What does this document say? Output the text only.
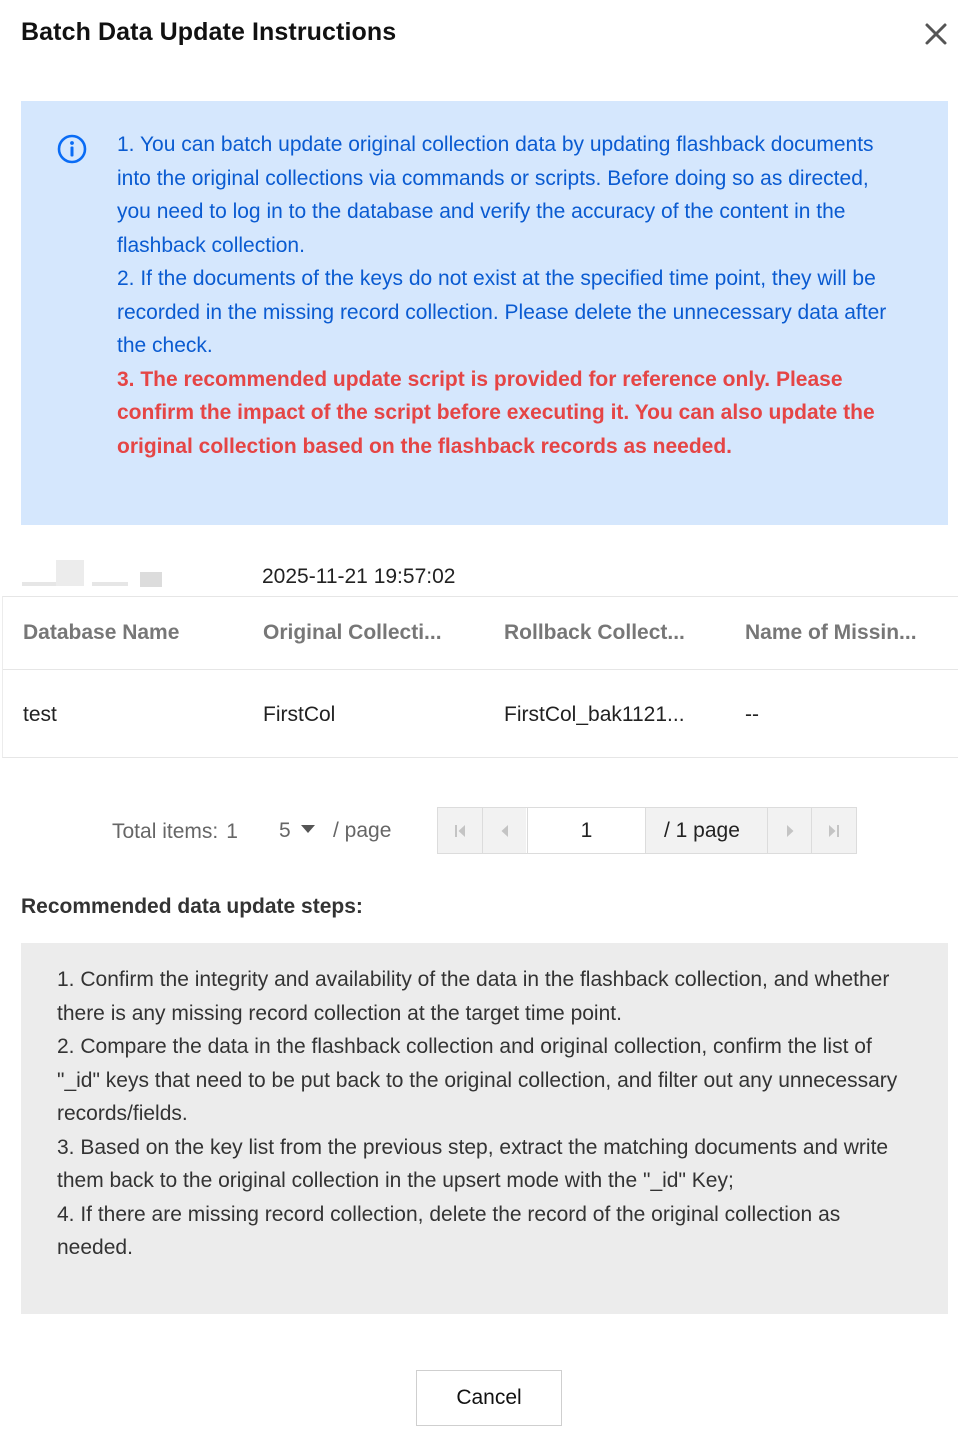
Batch Data Update Instructions

1. You can batch update original collection data by updating flashback documents into the original collections via commands or scripts. Before doing so as directed, you need to log in to the database and verify the accuracy of the content in the flashback collection.

2. If the documents of the keys do not exist at the specified time point, they will be recorded in the missing record collection. Please delete the unnecessary data after the check.

3. The recommended update script is provided for reference only. Please confirm the impact of the script before executing it. You can also update the original collection based on the flashback records as needed.

2025-11-21 19:57:02
Database Name	Original Collecti...	Rollback Collect...	Name of Missin...
test	FirstCol	FirstCol_bak1121...	--
Total items: 1 5	/ page	1	/ 1 page
Recommended data update steps:

1. Confirm the integrity and availability of the data in the flashback collection, and whether there is any missing record collection at the target time point.

2. Compare the data in the flashback collection and original collection, confirm the list of "_id" keys that need to be put back to the original collection, and filter out any unnecessary records/fields.

3. Based on the key list from the previous step, extract the matching documents and write them back to the original collection in the upsert mode with the "_id" Key;

4. If there are missing record collection, delete the record of the original collection as needed.

Cancel
